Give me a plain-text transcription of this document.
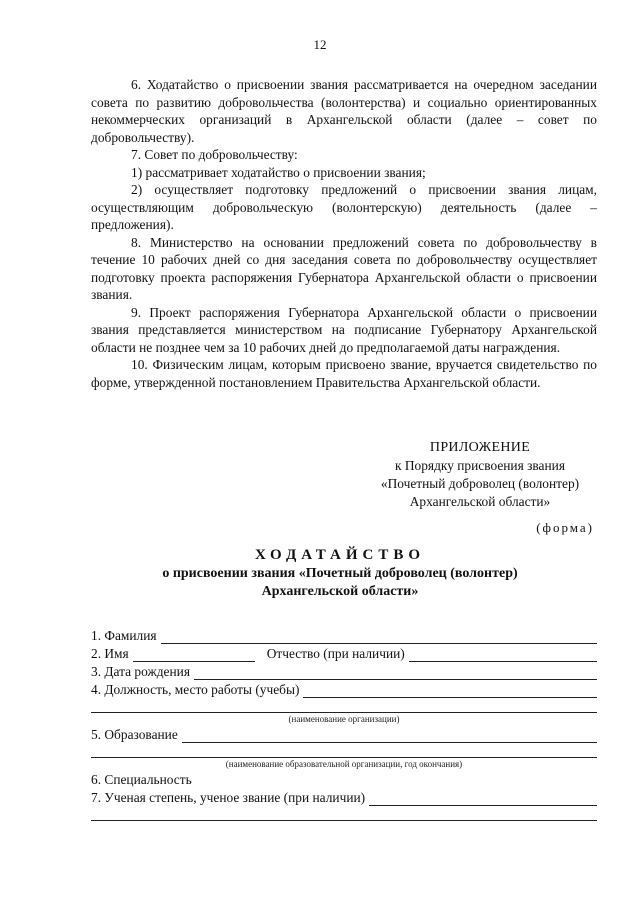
12

6. Ходатайство о присвоении звания рассматривается на очередном заседании совета по развитию добровольчества (волонтерства) и социально ориентированных некоммерческих организаций в Архангельской области (далее – совет по добровольчеству).

7. Совет по добровольчеству:

1) рассматривает ходатайство о присвоении звания;

2) осуществляет подготовку предложений о присвоении звания лицам, осуществляющим добровольческую (волонтерскую) деятельность (далее – предложения).

8. Министерство на основании предложений совета по добровольчеству в течение 10 рабочих дней со дня заседания совета по добровольчеству осуществляет подготовку проекта распоряжения Губернатора Архангельской области о присвоении звания.

9. Проект распоряжения Губернатора Архангельской области о присвоении звания представляется министерством на подписание Губернатору Архангельской области не позднее чем за 10 рабочих дней до предполагаемой даты награждения.

10. Физическим лицам, которым присвоено звание, вручается свидетельство по форме, утвержденной постановлением Правительства Архангельской области.

ПРИЛОЖЕНИЕ
к Порядку присвоения звания
«Почетный доброволец (волонтер)
Архангельской области»
(форма)
ХОДАТАЙСТВО
о присвоении звания «Почетный доброволец (волонтер)
Архангельской области»
1. Фамилия
2. Имя	Отчество (при наличии)
3. Дата рождения
4. Должность, место работы (учебы)
(наименование организации)
5. Образование
(наименование образовательной организации, год окончания)
6. Специальность
7. Ученая степень, ученое звание (при наличии)
